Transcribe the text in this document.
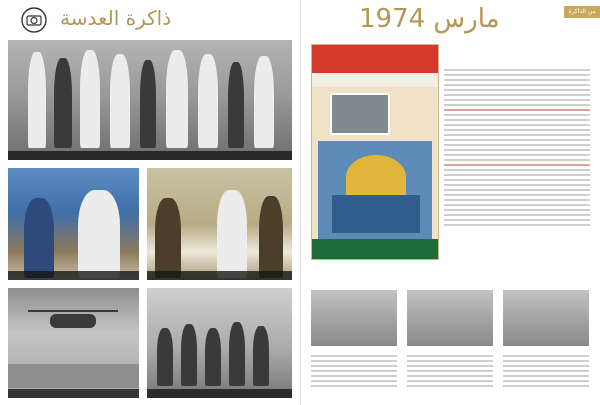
ذاكرة العدسة	من الذاكرة
مارس 1974
